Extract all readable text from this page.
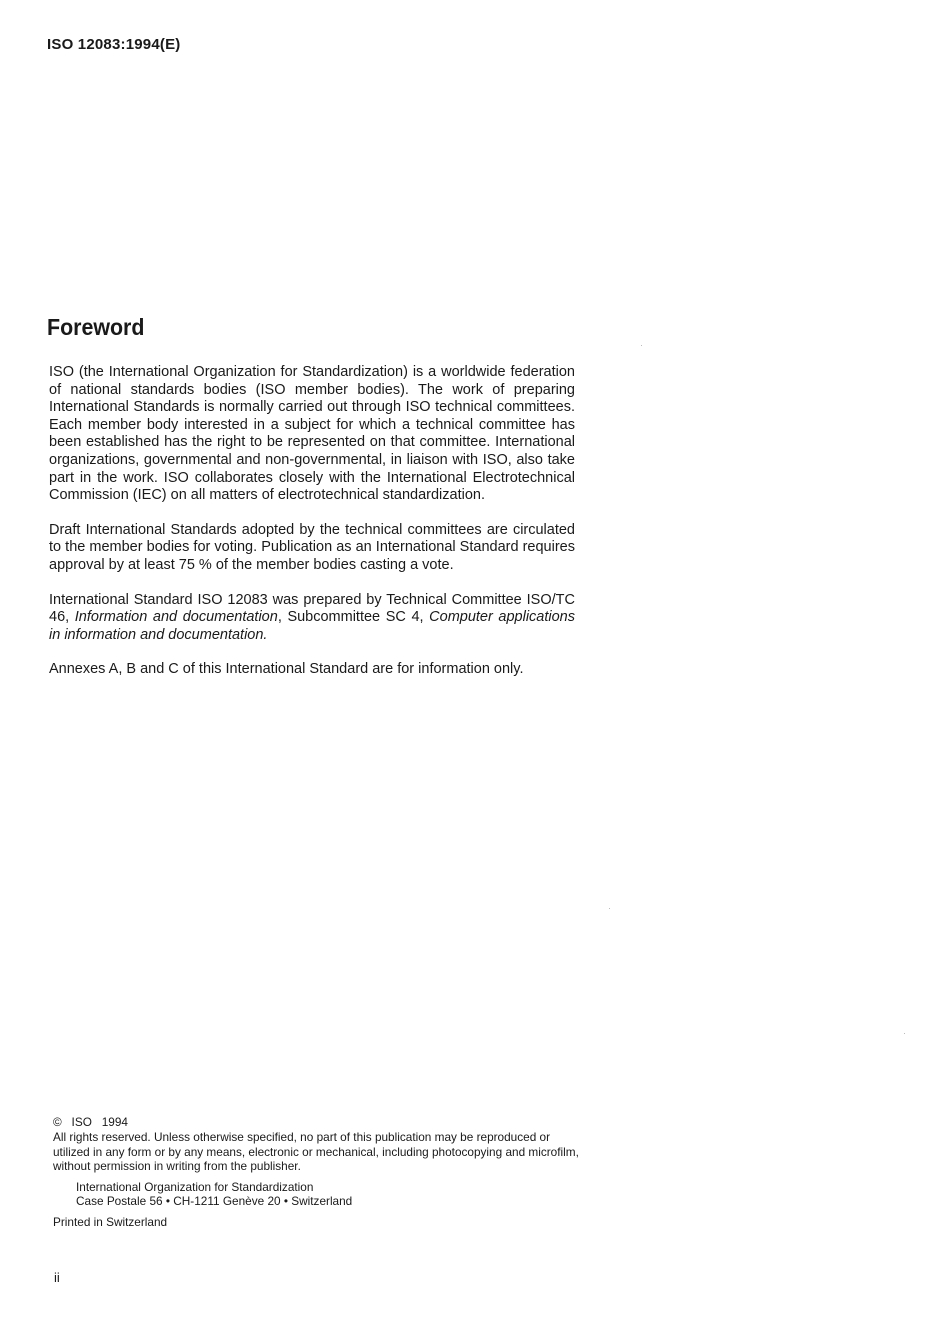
ISO 12083:1994(E)
Foreword

ISO (the International Organization for Standardization) is a worldwide federation of national standards bodies (ISO member bodies). The work of preparing International Standards is normally carried out through ISO technical committees. Each member body interested in a subject for which a technical committee has been established has the right to be represented on that committee. International organizations, governmental and non-governmental, in liaison with ISO, also take part in the work. ISO collaborates closely with the International Electrotechnical Commission (IEC) on all matters of electrotechnical standardization.

Draft International Standards adopted by the technical committees are circulated to the member bodies for voting. Publication as an International Standard requires approval by at least 75 % of the member bodies casting a vote.

International Standard ISO 12083 was prepared by Technical Committee ISO/TC 46, Information and documentation, Subcommittee SC 4, Computer applications in information and documentation.

Annexes A, B and C of this International Standard are for information only.

© ISO 1994
All rights reserved. Unless otherwise specified, no part of this publication may be reproduced or utilized in any form or by any means, electronic or mechanical, including photocopying and microfilm, without permission in writing from the publisher.
International Organization for Standardization
Case Postale 56 • CH-1211 Genève 20 • Switzerland
Printed in Switzerland
ii
